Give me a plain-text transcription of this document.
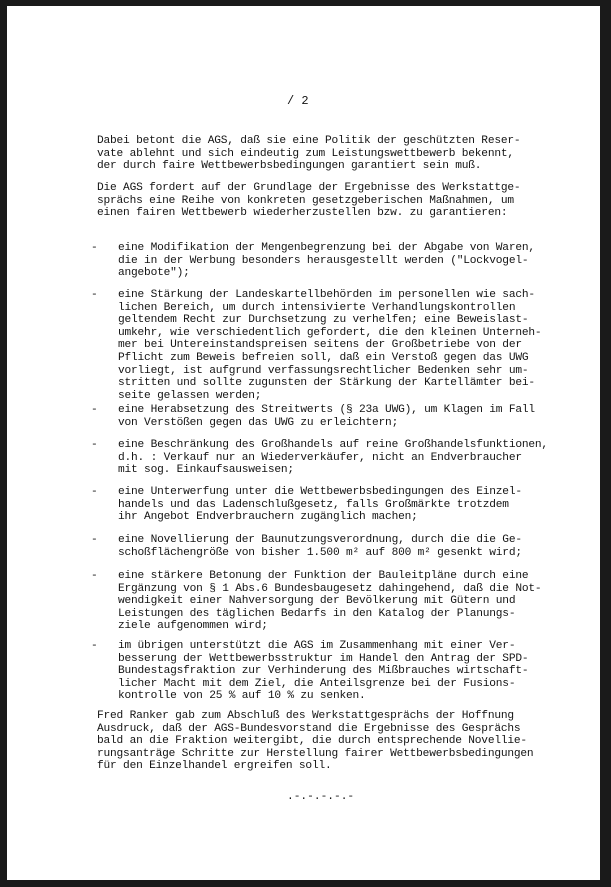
/ 2
Dabei betont die AGS, daß sie eine Politik der geschützten Reser-
vate ablehnt und sich eindeutig zum Leistungswettbewerb bekennt,
der durch faire Wettbewerbsbedingungen garantiert sein muß.
Die AGS fordert auf der Grundlage der Ergebnisse des Werkstattge-
sprächs eine Reihe von konkreten gesetzgeberischen Maßnahmen, um
einen fairen Wettbewerb wiederherzustellen bzw. zu garantieren:
- eine Modifikation der Mengenbegrenzung bei der Abgabe von Waren,
die in der Werbung besonders herausgestellt werden ("Lockvogel-
angebote");
- eine Stärkung der Landeskartellbehörden im personellen wie sach-
lichen Bereich, um durch intensivierte Verhandlungskontrollen
geltendem Recht zur Durchsetzung zu verhelfen; eine Beweislast-
umkehr, wie verschiedentlich gefordert, die den kleinen Unterneh-
mer bei Untereinstandspreisen seitens der Großbetriebe von der
Pflicht zum Beweis befreien soll, daß ein Verstoß gegen das UWG
vorliegt, ist aufgrund verfassungsrechtlicher Bedenken sehr um-
stritten und sollte zugunsten der Stärkung der Kartellämter bei-
seite gelassen werden;
- eine Herabsetzung des Streitwerts (§ 23a UWG), um Klagen im Fall
von Verstößen gegen das UWG zu erleichtern;
- eine Beschränkung des Großhandels auf reine Großhandelsfunktionen,
d.h. : Verkauf nur an Wiederverkäufer, nicht an Endverbraucher
mit sog. Einkaufsausweisen;
- eine Unterwerfung unter die Wettbewerbsbedingungen des Einzel-
handels und das Ladenschlußgesetz, falls Großmärkte trotzdem
ihr Angebot Endverbrauchern zugänglich machen;
- eine Novellierung der Baunutzungsverordnung, durch die die Ge-
schoßflächengröße von bisher 1.500 m² auf 800 m² gesenkt wird;
- eine stärkere Betonung der Funktion der Bauleitpläne durch eine
Ergänzung von § 1 Abs.6 Bundesbaugesetz dahingehend, daß die Not-
wendigkeit einer Nahversorgung der Bevölkerung mit Gütern und
Leistungen des täglichen Bedarfs in den Katalog der Planungs-
ziele aufgenommen wird;
- im übrigen unterstützt die AGS im Zusammenhang mit einer Ver-
besserung der Wettbewerbsstruktur im Handel den Antrag der SPD-
Bundestagsfraktion zur Verhinderung des Mißbrauches wirtschaft-
licher Macht mit dem Ziel, die Anteilsgrenze bei der Fusions-
kontrolle von 25 % auf 10 % zu senken.
Fred Ranker gab zum Abschluß des Werkstattgesprächs der Hoffnung
Ausdruck, daß der AGS-Bundesvorstand die Ergebnisse des Gesprächs
bald an die Fraktion weitergibt, die durch entsprechende Novellie-
rungsanträge Schritte zur Herstellung fairer Wettbewerbsbedingungen
für den Einzelhandel ergreifen soll.
.-.-.-.-.-
